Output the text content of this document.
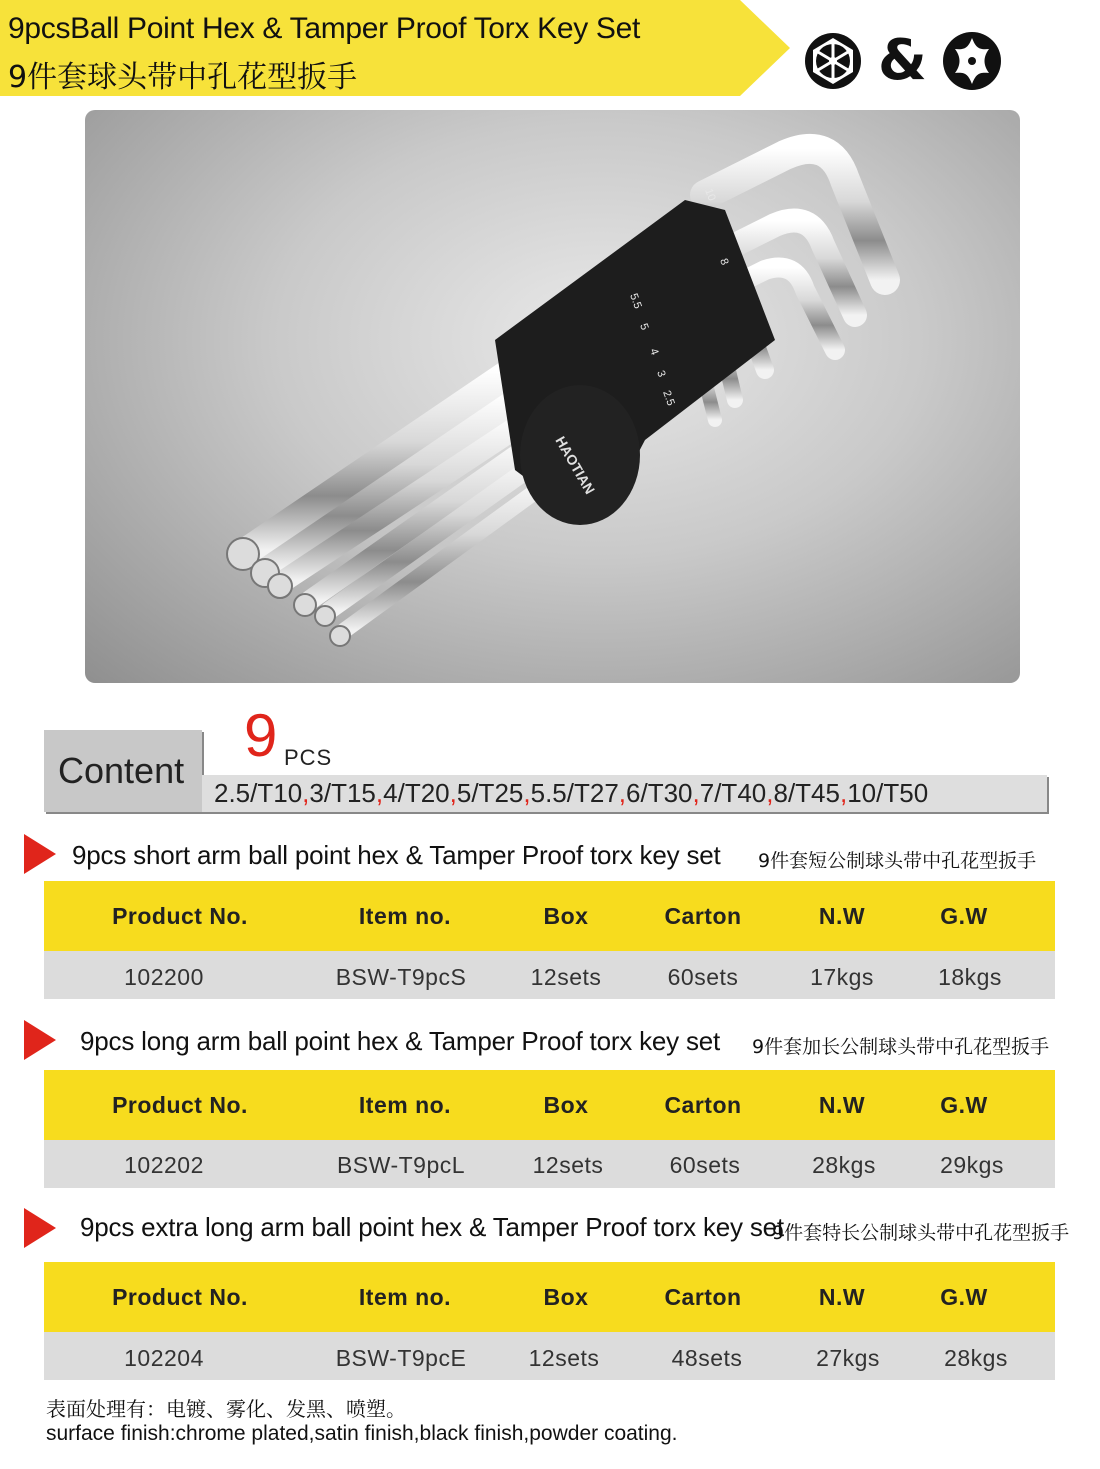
9pcsBall Point Hex & Tamper Proof Torx Key Set
9件套球头带中孔花型扳手	&
HAOTIAN
5.5
5
4
3
2.5
10
8
Content
9 PCS
2.5/T10 , 3/T15 , 4/T20 , 5/T25 , 5.5/T27 , 6/T30 , 7/T40 , 8/T45 , 10/T50
9pcs short arm ball point hex & Tamper Proof torx key set 9件套短公制球头带中孔花型扳手
Product No.	Item no.	Box	Carton	N.W	G.W
102200	BSW-T9pcS	12sets	60sets	17kgs	18kgs
9pcs long arm ball point hex & Tamper Proof torx key set 9件套加长公制球头带中孔花型扳手
Product No.	Item no.	Box	Carton	N.W	G.W
102202	BSW-T9pcL	12sets	60sets	28kgs	29kgs
9pcs extra long arm ball point hex & Tamper Proof torx key set
9件套特长公制球头带中孔花型扳手
Product No.	Item no.	Box	Carton	N.W	G.W
102204	BSW-T9pcE	12sets	48sets	27kgs	28kgs
表面处理有：电镀、雾化、发黑、喷塑。
surface finish:chrome plated,satin finish,black finish,powder coating.
